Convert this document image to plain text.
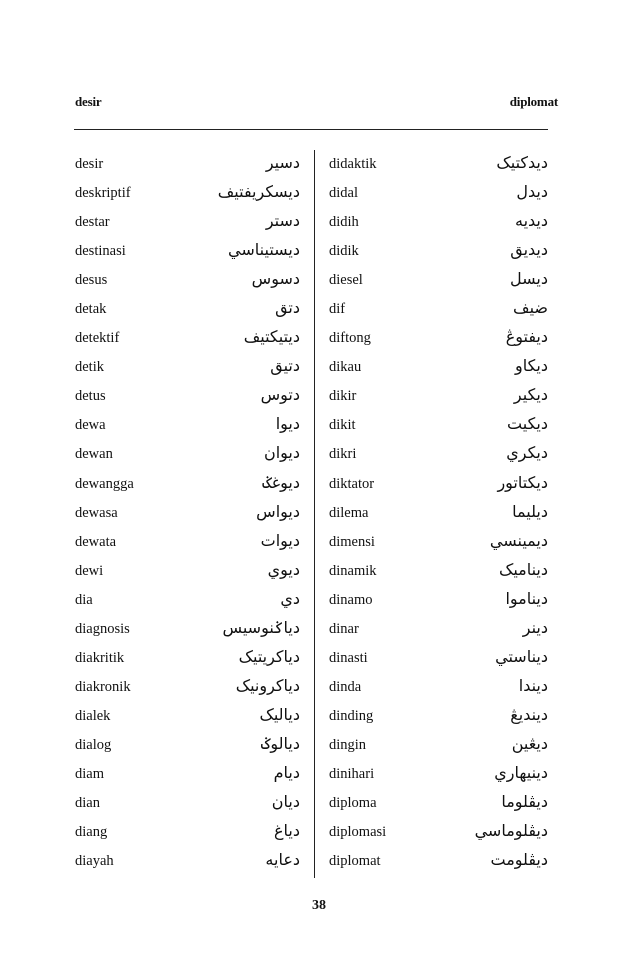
desir	diplomat
desir	دسير
deskriptif	ديسكريفتيف
destar	دستر
destinasi	ديستيناسي
desus	دسوس
detak	دتق
detektif	ديتيکتيف
detik	دتيق
detus	دتوس
dewa	ديوا
dewan	ديوان
dewangga	ديوغݢ
dewasa	ديواس
dewata	ديوات
dewi	ديوي
dia	دي
diagnosis	دياݢنوسيس
diakritik	دياکريتيک
diakronik	دياکرونيک
dialek	دياليک
dialog	ديالوݢ
diam	ديام
dian	ديان
diang	دياغ
diayah	دعايه
didaktik	ديدکتيک
didal	ديدل
didih	ديديه
didik	ديديق
diesel	ديسل
dif	ضيف
diftong	ديفتوڠ
dikau	ديکاو
dikir	ديکير
dikit	ديکيت
dikri	ديکري
diktator	ديکتاتور
dilema	ديليما
dimensi	ديمينسي
dinamik	ديناميک
dinamo	ديناموا
dinar	دينر
dinasti	ديناستي
dinda	ديندا
dinding	ديندیڠ
dingin	ديڠين
dinihari	دينيهاري
diploma	ديڤلوما
diplomasi	ديڤلوماسي
diplomat	ديڤلومت
38
